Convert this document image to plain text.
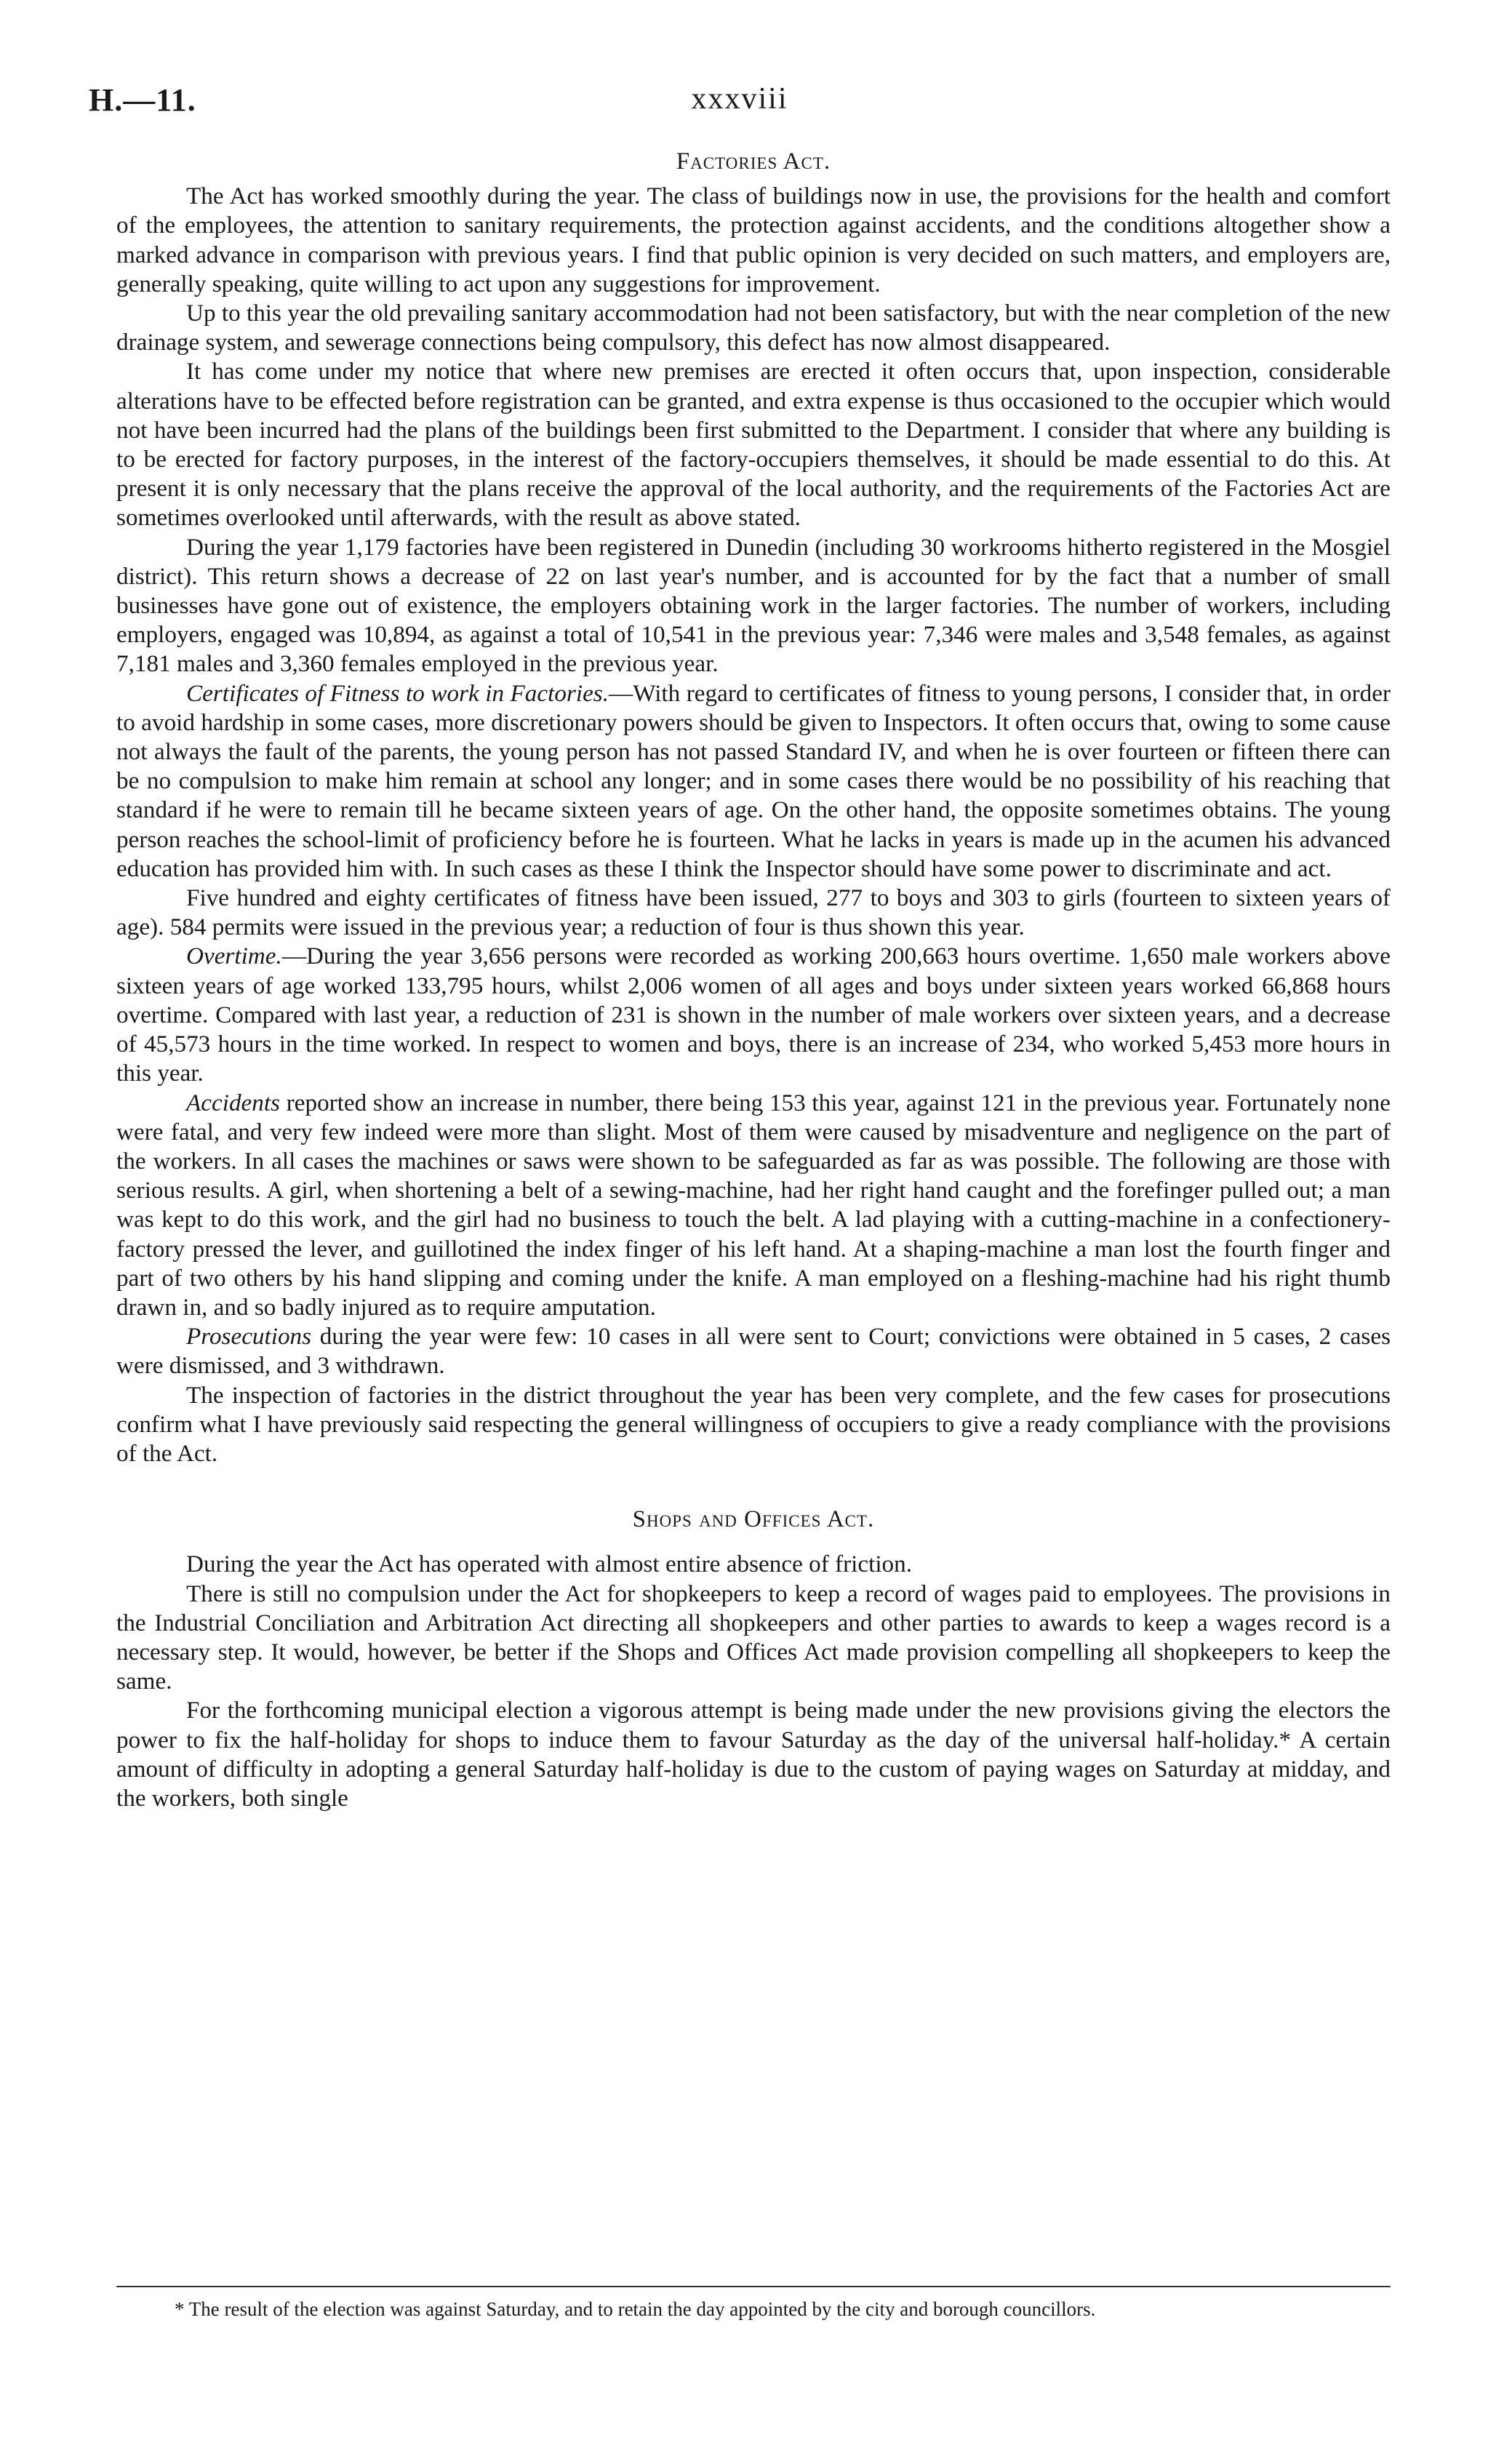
H.—11.	xxxviii
Factories Act.

The Act has worked smoothly during the year. The class of buildings now in use, the provisions for the health and comfort of the employees, the attention to sanitary requirements, the protection against accidents, and the conditions altogether show a marked advance in comparison with previous years. I find that public opinion is very decided on such matters, and employers are, generally speaking, quite willing to act upon any suggestions for improvement.

Up to this year the old prevailing sanitary accommodation had not been satisfactory, but with the near completion of the new drainage system, and sewerage connections being compulsory, this defect has now almost disappeared.

It has come under my notice that where new premises are erected it often occurs that, upon inspection, considerable alterations have to be effected before registration can be granted, and extra expense is thus occasioned to the occupier which would not have been incurred had the plans of the buildings been first submitted to the Department. I consider that where any building is to be erected for factory purposes, in the interest of the factory-occupiers themselves, it should be made essential to do this. At present it is only necessary that the plans receive the approval of the local authority, and the requirements of the Factories Act are sometimes overlooked until afterwards, with the result as above stated.

During the year 1,179 factories have been registered in Dunedin (including 30 workrooms hitherto registered in the Mosgiel district). This return shows a decrease of 22 on last year's number, and is accounted for by the fact that a number of small businesses have gone out of existence, the employers obtaining work in the larger factories. The number of workers, including employers, engaged was 10,894, as against a total of 10,541 in the previous year: 7,346 were males and 3,548 females, as against 7,181 males and 3,360 females employed in the previous year.

Certificates of Fitness to work in Factories.—With regard to certificates of fitness to young persons, I consider that, in order to avoid hardship in some cases, more discretionary powers should be given to Inspectors. It often occurs that, owing to some cause not always the fault of the parents, the young person has not passed Standard IV, and when he is over fourteen or fifteen there can be no compulsion to make him remain at school any longer; and in some cases there would be no possibility of his reaching that standard if he were to remain till he became sixteen years of age. On the other hand, the opposite sometimes obtains. The young person reaches the school-limit of proficiency before he is fourteen. What he lacks in years is made up in the acumen his advanced education has provided him with. In such cases as these I think the Inspector should have some power to discriminate and act.

Five hundred and eighty certificates of fitness have been issued, 277 to boys and 303 to girls (fourteen to sixteen years of age). 584 permits were issued in the previous year; a reduction of four is thus shown this year.

Overtime.—During the year 3,656 persons were recorded as working 200,663 hours overtime. 1,650 male workers above sixteen years of age worked 133,795 hours, whilst 2,006 women of all ages and boys under sixteen years worked 66,868 hours overtime. Compared with last year, a reduction of 231 is shown in the number of male workers over sixteen years, and a decrease of 45,573 hours in the time worked. In respect to women and boys, there is an increase of 234, who worked 5,453 more hours in this year.

Accidents reported show an increase in number, there being 153 this year, against 121 in the previous year. Fortunately none were fatal, and very few indeed were more than slight. Most of them were caused by misadventure and negligence on the part of the workers. In all cases the machines or saws were shown to be safeguarded as far as was possible. The following are those with serious results. A girl, when shortening a belt of a sewing-machine, had her right hand caught and the forefinger pulled out; a man was kept to do this work, and the girl had no business to touch the belt. A lad playing with a cutting-machine in a confectionery-factory pressed the lever, and guillotined the index finger of his left hand. At a shaping-machine a man lost the fourth finger and part of two others by his hand slipping and coming under the knife. A man employed on a fleshing-machine had his right thumb drawn in, and so badly injured as to require amputation.

Prosecutions during the year were few: 10 cases in all were sent to Court; convictions were obtained in 5 cases, 2 cases were dismissed, and 3 withdrawn.

The inspection of factories in the district throughout the year has been very complete, and the few cases for prosecutions confirm what I have previously said respecting the general willingness of occupiers to give a ready compliance with the provisions of the Act.

Shops and Offices Act.

During the year the Act has operated with almost entire absence of friction.

There is still no compulsion under the Act for shopkeepers to keep a record of wages paid to employees. The provisions in the Industrial Conciliation and Arbitration Act directing all shopkeepers and other parties to awards to keep a wages record is a necessary step. It would, however, be better if the Shops and Offices Act made provision compelling all shopkeepers to keep the same.

For the forthcoming municipal election a vigorous attempt is being made under the new provisions giving the electors the power to fix the half-holiday for shops to induce them to favour Saturday as the day of the universal half-holiday.* A certain amount of difficulty in adopting a general Saturday half-holiday is due to the custom of paying wages on Saturday at midday, and the workers, both single

* The result of the election was against Saturday, and to retain the day appointed by the city and borough councillors.
